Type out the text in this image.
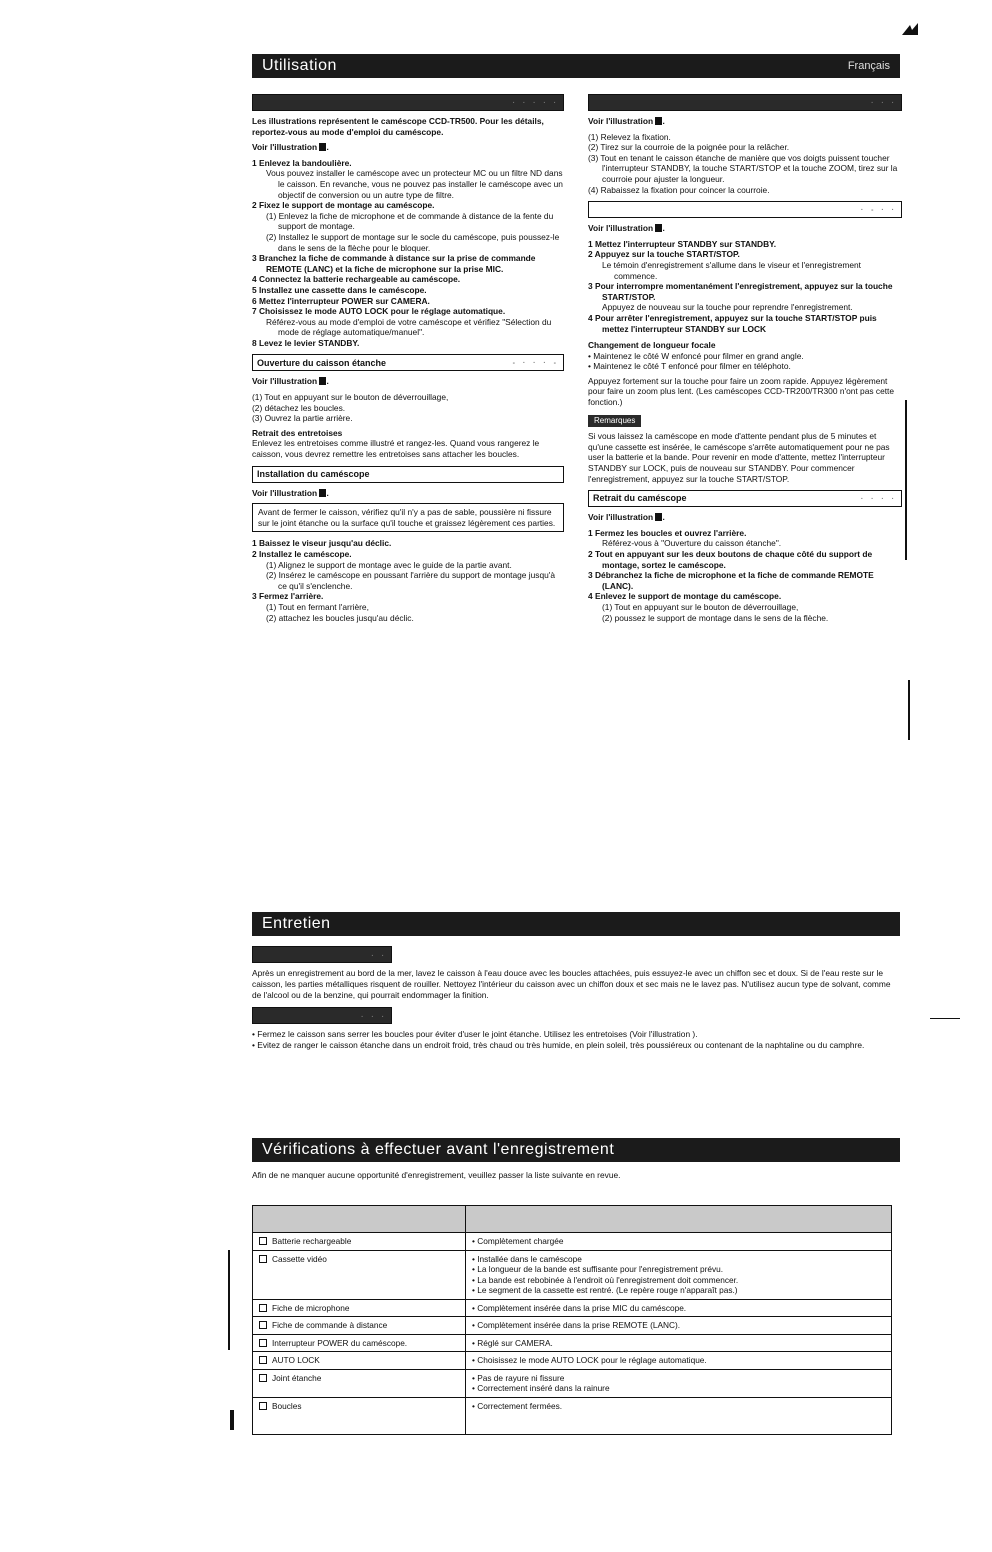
Utilisation	Français
· · · · ·

Les illustrations représentent le caméscope CCD-TR500. Pour les détails, reportez-vous au mode d'emploi du caméscope.

Voir l'illustration .

1 Enlevez la bandoulière.
Vous pouvez installer le caméscope avec un protecteur MC ou un filtre ND dans le caisson. En revanche, vous ne pouvez pas installer le caméscope avec un objectif de conversion ou un autre type de filtre.
2 Fixez le support de montage au caméscope.
(1) Enlevez la fiche de microphone et de commande à distance de la fente du support de montage.
(2) Installez le support de montage sur le socle du caméscope, puis poussez-le dans le sens de la flèche pour le bloquer.
3 Branchez la fiche de commande à distance sur la prise de commande REMOTE (LANC) et la fiche de microphone sur la prise MIC.
4 Connectez la batterie rechargeable au caméscope.
5 Installez une cassette dans le caméscope.
6 Mettez l'interrupteur POWER sur CAMERA.
7 Choisissez le mode AUTO LOCK pour le réglage automatique.
Référez-vous au mode d'emploi de votre caméscope et vérifiez "Sélection du mode de réglage automatique/manuel".
8 Levez le levier STANDBY.
Ouverture du caisson étanche	- · · · -

Voir l'illustration .

(1) Tout en appuyant sur le bouton de déverrouillage,
(2) détachez les boucles.
(3) Ouvrez la partie arrière.

Retrait des entretoises

Enlevez les entretoises comme illustré et rangez-les. Quand vous rangerez le caisson, vous devrez remettre les entretoises sans attacher les boucles.

Installation du caméscope

Voir l'illustration .

Avant de fermer le caisson, vérifiez qu'il n'y a pas de sable, poussière ni fissure sur le joint étanche ou la surface qu'il touche et graissez légèrement ces parties.
1 Baissez le viseur jusqu'au déclic.
2 Installez le caméscope.
(1) Alignez le support de montage avec le guide de la partie avant.
(2) Insérez le caméscope en poussant l'arrière du support de montage jusqu'à ce qu'il s'enclenche.
3 Fermez l'arrière.
(1) Tout en fermant l'arrière,
(2) attachez les boucles jusqu'au déclic.
· · ·

Voir l'illustration .

(1) Relevez la fixation.
(2) Tirez sur la courroie de la poignée pour la relâcher.
(3) Tout en tenant le caisson étanche de manière que vos doigts puissent toucher l'interrupteur STANDBY, la touche START/STOP et la touche ZOOM, tirez sur la courroie pour ajuster la longueur.
(4) Rabaissez la fixation pour coincer la courroie.
· - · ·

Voir l'illustration .

1 Mettez l'interrupteur STANDBY sur STANDBY.
2 Appuyez sur la touche START/STOP.
Le témoin d'enregistrement s'allume dans le viseur et l'enregistrement commence.
3 Pour interrompre momentanément l'enregistrement, appuyez sur la touche START/STOP.
Appuyez de nouveau sur la touche pour reprendre l'enregistrement.
4 Pour arrêter l'enregistrement, appuyez sur la touche START/STOP puis mettez l'interrupteur STANDBY sur LOCK

Changement de longueur focale

• Maintenez le côté W enfoncé pour filmer en grand angle.
• Maintenez le côté T enfoncé pour filmer en téléphoto.

Appuyez fortement sur la touche pour faire un zoom rapide. Appuyez légèrement pour faire un zoom plus lent. (Les caméscopes CCD-TR200/TR300 n'ont pas cette fonction.)

Remarques

Si vous laissez la caméscope en mode d'attente pendant plus de 5 minutes et qu'une cassette est insérée, le caméscope s'arrête automatiquement pour ne pas user la batterie et la bande. Pour revenir en mode d'attente, mettez l'interrupteur STANDBY sur LOCK, puis de nouveau sur STANDBY. Pour commencer l'enregistrement, appuyez sur la touche START/STOP.

Retrait du caméscope	· · · ·

Voir l'illustration .

1 Fermez les boucles et ouvrez l'arrière.
Référez-vous à "Ouverture du caisson étanche".
2 Tout en appuyant sur les deux boutons de chaque côté du support de montage, sortez le caméscope.
3 Débranchez la fiche de microphone et la fiche de commande REMOTE (LANC).
4 Enlevez le support de montage du caméscope.
(1) Tout en appuyant sur le bouton de déverrouillage,
(2) poussez le support de montage dans le sens de la flèche.
Entretien
· ·

Après un enregistrement au bord de la mer, lavez le caisson à l'eau douce avec les boucles attachées, puis essuyez-le avec un chiffon sec et doux. Si de l'eau reste sur le caisson, les parties métalliques risquent de rouiller. Nettoyez l'intérieur du caisson avec un chiffon doux et sec mais ne le lavez pas. N'utilisez aucun type de solvant, comme de l'alcool ou de la benzine, qui pourrait endommager la finition.

· · ·
• Fermez le caisson sans serrer les boucles pour éviter d'user le joint étanche. Utilisez les entretoises (Voir l'illustration ).
• Evitez de ranger le caisson étanche dans un endroit froid, très chaud ou très humide, en plein soleil, très poussiéreux ou contenant de la naphtaline ou du camphre.
Vérifications à effectuer avant l'enregistrement
Afin de ne manquer aucune opportunité d'enregistrement, veuillez passer la liste suivante en revue.

Batterie rechargeable	• Complètement chargée

Cassette vidéo	• Installée dans le caméscope
• La longueur de la bande est suffisante pour l'enregistrement prévu.
• La bande est rebobinée à l'endroit où l'enregistrement doit commencer.
• Le segment de la cassette est rentré. (Le repère rouge n'apparaît pas.)

Fiche de microphone	• Complètement insérée dans la prise MIC du caméscope.

Fiche de commande à distance	• Complètement insérée dans la prise REMOTE (LANC).

Interrupteur POWER du caméscope.	• Réglé sur CAMERA.

AUTO LOCK	• Choisissez le mode AUTO LOCK pour le réglage automatique.

Joint étanche	• Pas de rayure ni fissure
• Correctement inséré dans la rainure

Boucles	• Correctement fermées.
